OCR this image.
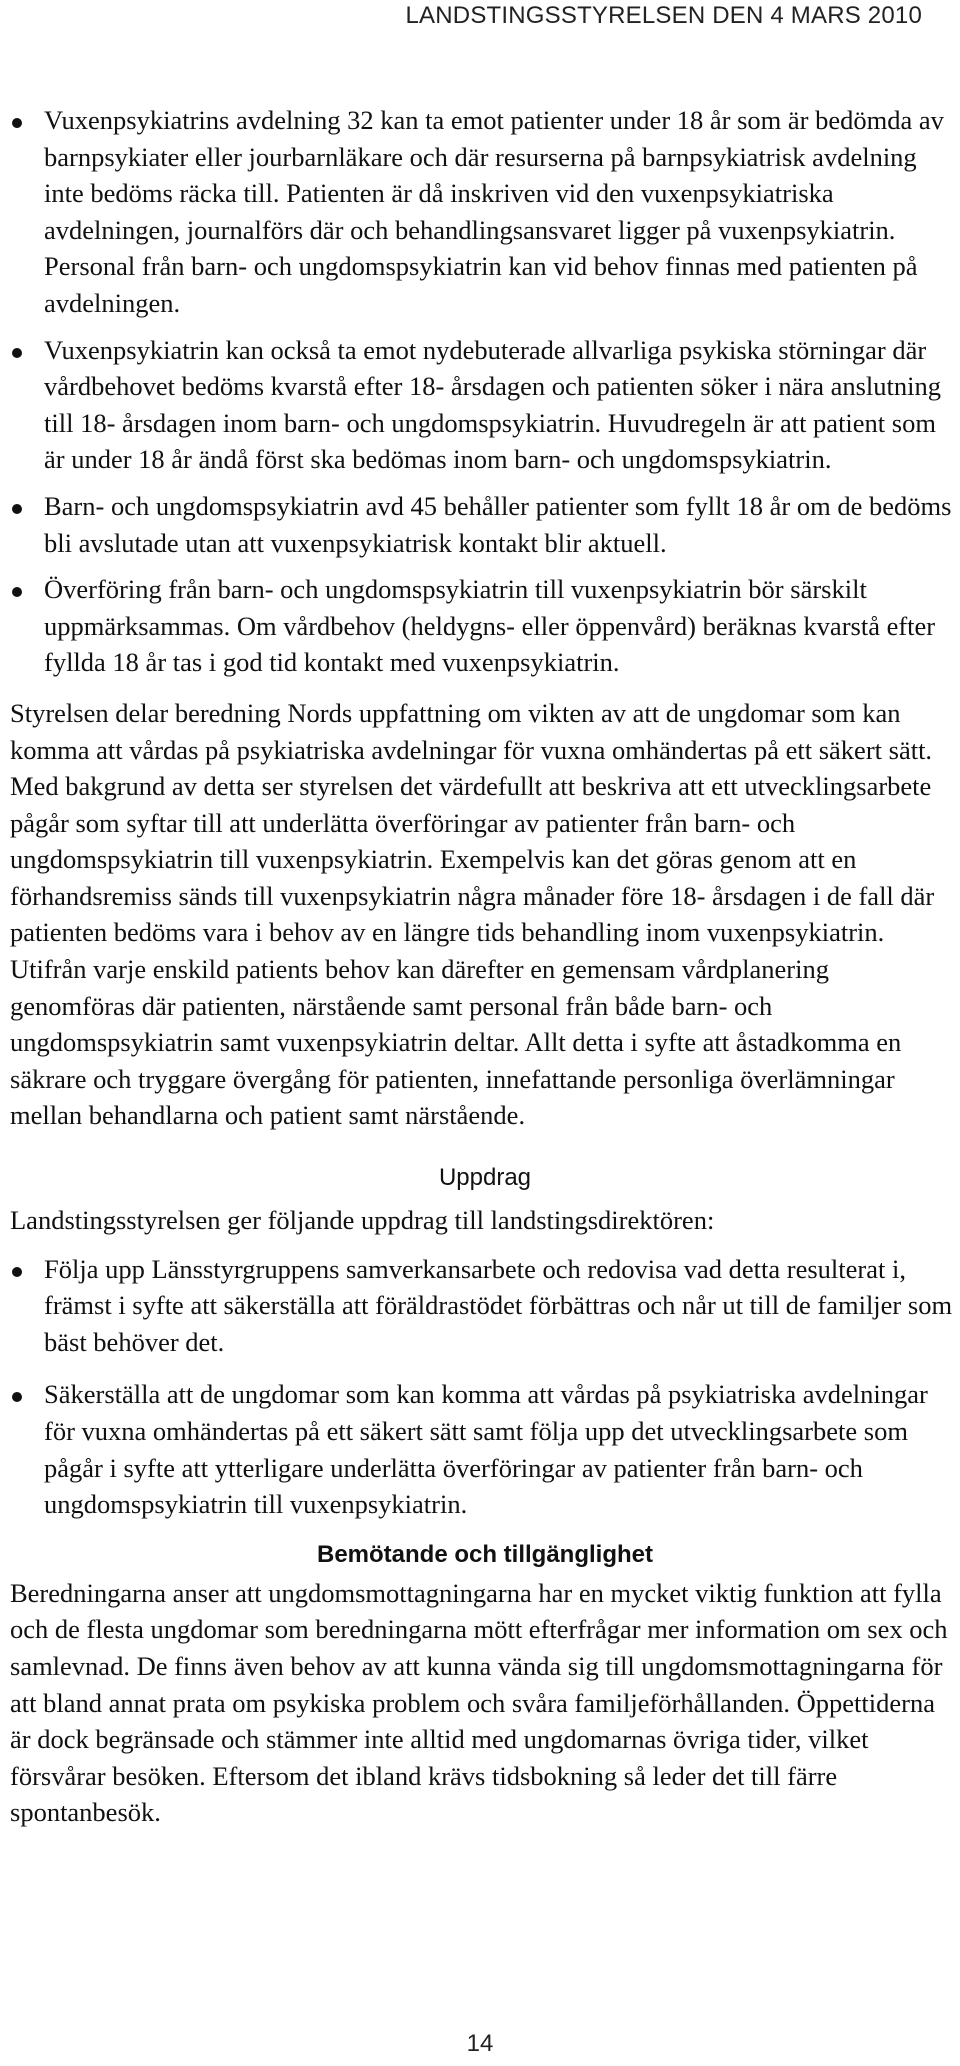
LANDSTINGSSTYRELSEN DEN 4 MARS 2010
Vuxenpsykiatrins avdelning 32 kan ta emot patienter under 18 år som är bedömda av barnpsykiater eller jourbarnläkare och där resurserna på barnpsykiatrisk avdelning inte bedöms räcka till. Patienten är då inskriven vid den vuxenpsykiatriska avdelningen, journalförs där och behandlingsansvaret ligger på vuxenpsykiatrin. Personal från barn- och ungdomspsykiatrin kan vid behov finnas med patienten på avdelningen.
Vuxenpsykiatrin kan också ta emot nydebuterade allvarliga psykiska störningar där vårdbehovet bedöms kvarstå efter 18- årsdagen och patienten söker i nära anslutning till 18- årsdagen inom barn- och ungdomspsykiatrin. Huvudregeln är att patient som är under 18 år ändå först ska bedömas inom barn- och ungdomspsykiatrin.
Barn- och ungdomspsykiatrin avd 45 behåller patienter som fyllt 18 år om de bedöms bli avslutade utan att vuxenpsykiatrisk kontakt blir aktuell.
Överföring från barn- och ungdomspsykiatrin till vuxenpsykiatrin bör särskilt uppmärksammas. Om vårdbehov (heldygns- eller öppenvård) beräknas kvarstå efter fyllda 18 år tas i god tid kontakt med vuxenpsykiatrin.

Styrelsen delar beredning Nords uppfattning om vikten av att de ungdomar som kan komma att vårdas på psykiatriska avdelningar för vuxna omhändertas på ett säkert sätt. Med bakgrund av detta ser styrelsen det värdefullt att beskriva att ett utvecklingsarbete pågår som syftar till att underlätta överföringar av patienter från barn- och ungdomspsykiatrin till vuxenpsykiatrin. Exempelvis kan det göras genom att en förhandsremiss sänds till vuxenpsykiatrin några månader före 18- årsdagen i de fall där patienten bedöms vara i behov av en längre tids behandling inom vuxenpsykiatrin. Utifrån varje enskild patients behov kan därefter en gemensam vårdplanering genomföras där patienten, närstående samt personal från både barn- och ungdomspsykiatrin samt vuxenpsykiatrin deltar. Allt detta i syfte att åstadkomma en säkrare och tryggare övergång för patienten, innefattande personliga överlämningar mellan behandlarna och patient samt närstående.

Uppdrag

Landstingsstyrelsen ger följande uppdrag till landstingsdirektören:

Följa upp Länsstyrgruppens samverkansarbete och redovisa vad detta resulterat i, främst i syfte att säkerställa att föräldrastödet förbättras och når ut till de familjer som bäst behöver det.
Säkerställa att de ungdomar som kan komma att vårdas på psykiatriska avdelningar för vuxna omhändertas på ett säkert sätt samt följa upp det utvecklingsarbete som pågår i syfte att ytterligare underlätta överföringar av patienter från barn- och ungdomspsykiatrin till vuxenpsykiatrin.
Bemötande och tillgänglighet

Beredningarna anser att ungdomsmottagningarna har en mycket viktig funktion att fylla och de flesta ungdomar som beredningarna mött efterfrågar mer information om sex och samlevnad. De finns även behov av att kunna vända sig till ungdomsmottagningarna för att bland annat prata om psykiska problem och svåra familjeförhållanden. Öppettiderna är dock begränsade och stämmer inte alltid med ungdomarnas övriga tider, vilket försvårar besöken. Eftersom det ibland krävs tidsbokning så leder det till färre spontanbesök.

14
